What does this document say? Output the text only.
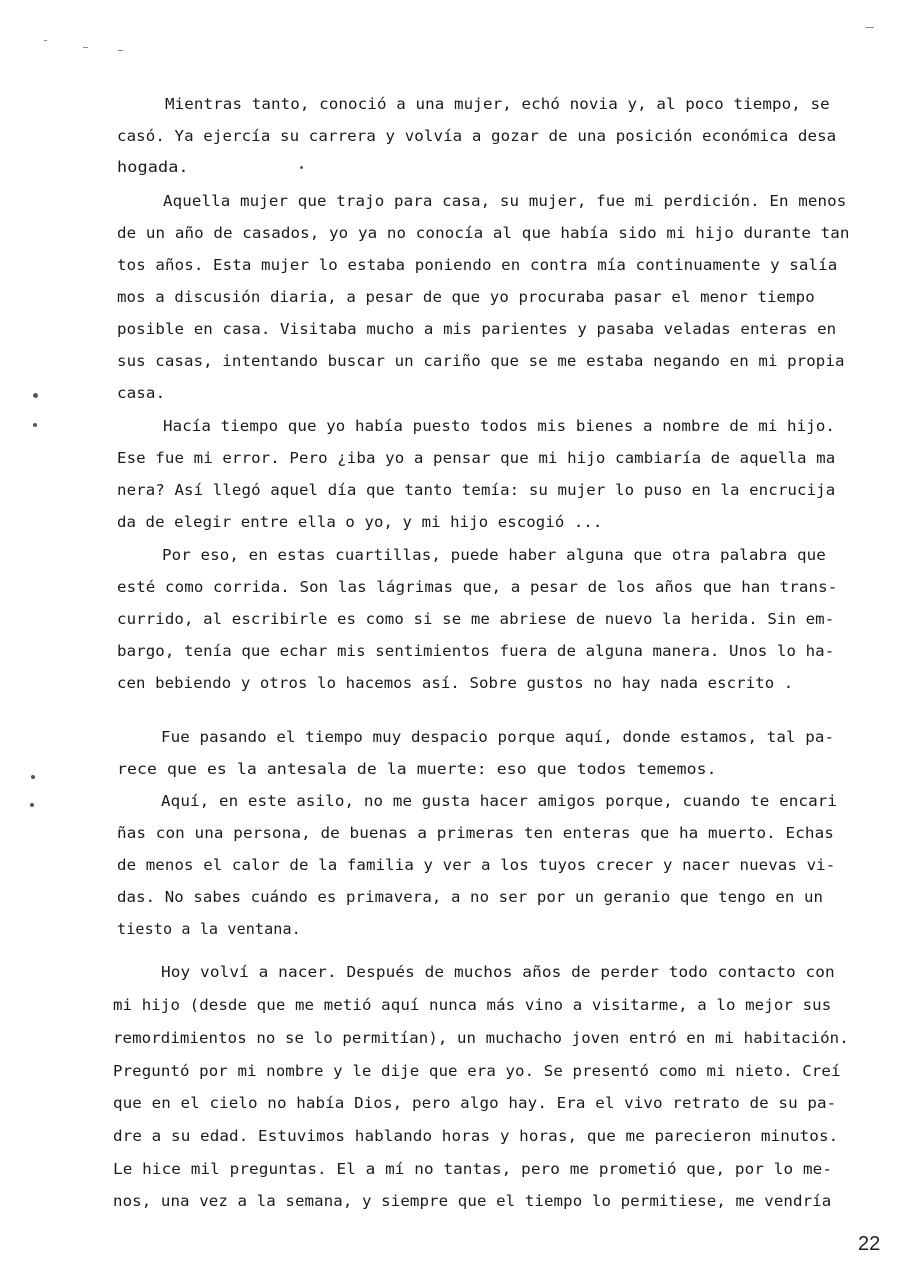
Mientras tanto, conoció a una mujer, echó novia y, al poco tiempo, se
casó. Ya ejercía su carrera y volvía a gozar de una posición económica desa
hogada.
Aquella mujer que trajo para casa, su mujer, fue mi perdición. En menos
de un año de casados, yo ya no conocía al que había sido mi hijo durante tan
tos años. Esta mujer lo estaba poniendo en contra mía continuamente y salía
mos a discusión diaria, a pesar de que yo procuraba pasar el menor tiempo
posible en casa. Visitaba mucho a mis parientes y pasaba veladas enteras en
sus casas, intentando buscar un cariño que se me estaba negando en mi propia
casa.
Hacía tiempo que yo había puesto todos mis bienes a nombre de mi hijo.
Ese fue mi error. Pero ¿iba yo a pensar que mi hijo cambiaría de aquella ma
nera? Así llegó aquel día que tanto temía: su mujer lo puso en la encrucija
da de elegir entre ella o yo, y mi hijo escogió ...
Por eso, en estas cuartillas, puede haber alguna que otra palabra que
esté como corrida. Son las lágrimas que, a pesar de los años que han trans-
currido, al escribirle es como si se me abriese de nuevo la herida. Sin em-
bargo, tenía que echar mis sentimientos fuera de alguna manera. Unos lo ha-
cen bebiendo y otros lo hacemos así. Sobre gustos no hay nada escrito .
Fue pasando el tiempo muy despacio porque aquí, donde estamos, tal pa-
rece que es la antesala de la muerte: eso que todos tememos.
Aquí, en este asilo, no me gusta hacer amigos porque, cuando te encari
ñas con una persona, de buenas a primeras ten enteras que ha muerto. Echas
de menos el calor de la familia y ver a los tuyos crecer y nacer nuevas vi-
das. No sabes cuándo es primavera, a no ser por un geranio que tengo en un
tiesto a la ventana.
Hoy volví a nacer. Después de muchos años de perder todo contacto con
mi hijo (desde que me metió aquí nunca más vino a visitarme, a lo mejor sus
remordimientos no se lo permitían), un muchacho joven entró en mi habitación.
Preguntó por mi nombre y le dije que era yo. Se presentó como mi nieto. Creí
que en el cielo no había Dios, pero algo hay. Era el vivo retrato de su pa-
dre a su edad. Estuvimos hablando horas y horas, que me parecieron minutos.
Le hice mil preguntas. El a mí no tantas, pero me prometió que, por lo me-
nos, una vez a la semana, y siempre que el tiempo lo permitiese, me vendría
22
